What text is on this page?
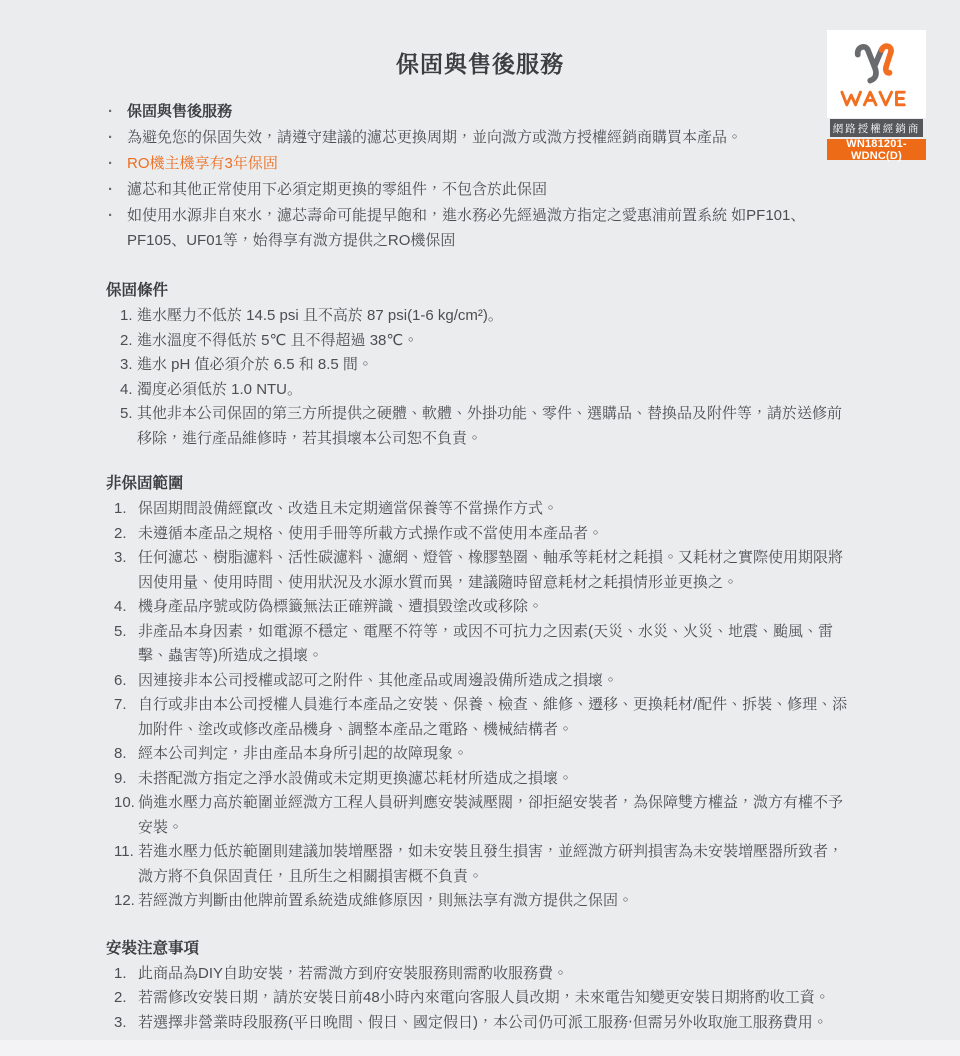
保固與售後服務
網路授權經銷商
WN181201-WDNC(D)
· 保固與售後服務
· 為避免您的保固失效，請遵守建議的濾芯更換周期，並向溦方或溦方授權經銷商購買本產品。
· RO機主機享有3年保固
· 濾芯和其他正常使用下必須定期更換的零組件，不包含於此保固
· 如使用水源非自來水，濾芯壽命可能提早飽和，進水務必先經過溦方指定之愛惠浦前置系統 如PF101、PF105、UF01等，始得享有溦方提供之RO機保固
保固條件
1. 進水壓力不低於 14.5 psi 且不高於 87 psi(1-6 kg/cm²)。
2. 進水溫度不得低於 5℃ 且不得超過 38℃。
3. 進水 pH 值必須介於 6.5 和 8.5 間。
4. 濁度必須低於 1.0 NTU。
5. 其他非本公司保固的第三方所提供之硬體、軟體、外掛功能、零件、選購品、替換品及附件等，請於送修前移除，進行產品維修時，若其損壞本公司恕不負責。
非保固範圍
1. 保固期間設備經竄改、改造且未定期適當保養等不當操作方式。
2. 未遵循本產品之規格、使用手冊等所載方式操作或不當使用本產品者。
3. 任何濾芯、樹脂濾料、活性碳濾料、濾網、燈管、橡膠墊圈、軸承等耗材之耗損。又耗材之實際使用期限將因使用量、使用時間、使用狀況及水源水質而異，建議隨時留意耗材之耗損情形並更換之。
4. 機身產品序號或防偽標籤無法正確辨識、遭損毀塗改或移除。
5. 非產品本身因素，如電源不穩定、電壓不符等，或因不可抗力之因素(天災、水災、火災、地震、颱風、雷擊、蟲害等)所造成之損壞。
6. 因連接非本公司授權或認可之附件、其他產品或周邊設備所造成之損壞。
7. 自行或非由本公司授權人員進行本產品之安裝、保養、檢查、維修、遷移、更換耗材/配件、拆裝、修理、添加附件、塗改或修改產品機身、調整本產品之電路、機械結構者。
8. 經本公司判定，非由產品本身所引起的故障現象。
9. 未搭配溦方指定之淨水設備或未定期更換濾芯耗材所造成之損壞。
10. 倘進水壓力高於範圍並經溦方工程人員研判應安裝減壓閥，卻拒絕安裝者，為保障雙方權益，溦方有權不予安裝。
11. 若進水壓力低於範圍則建議加裝增壓器，如未安裝且發生損害，並經溦方研判損害為未安裝增壓器所致者，溦方將不負保固責任，且所生之相關損害概不負責。
12. 若經溦方判斷由他牌前置系統造成維修原因，則無法享有溦方提供之保固。
安裝注意事項
1. 此商品為DIY自助安裝，若需溦方到府安裝服務則需酌收服務費。
2. 若需修改安裝日期，請於安裝日前48小時內來電向客服人員改期，未來電告知變更安裝日期將酌收工資。
3. 若選擇非營業時段服務(平日晚間、假日、國定假日)，本公司仍可派工服務‧但需另外收取施工服務費用。
